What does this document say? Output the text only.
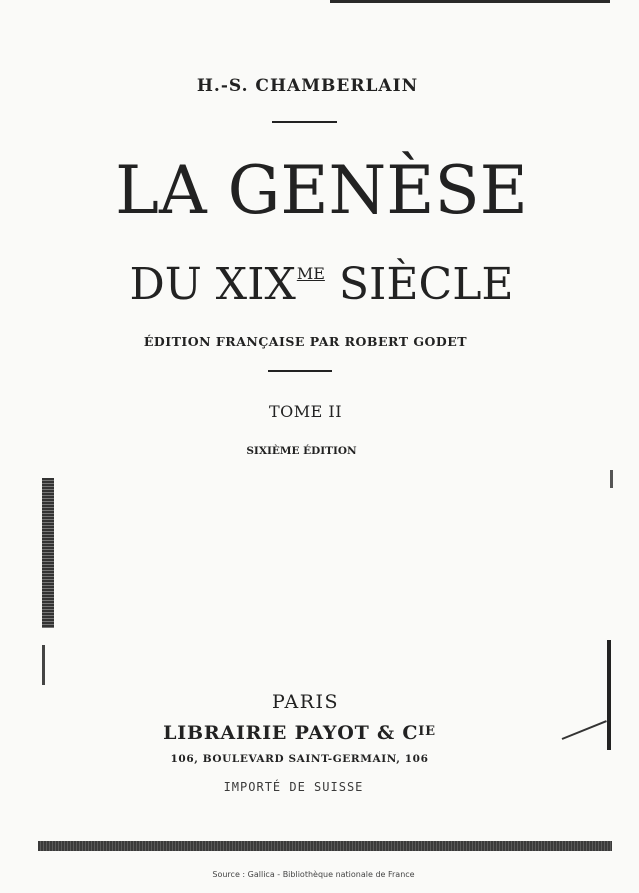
H.-S. CHAMBERLAIN
LA GENÈSE
DU $XIX^{ME}$ SIÈCLE
ÉDITION FRANÇAISE PAR ROBERT GODET
TOME II
SIXIÈME ÉDITION
PARIS
LIBRAIRIE PAYOT & $C^{IE}$
106, BOULEVARD SAINT-GERMAIN, 106
IMPORTÉ DE SUISSE
Source : Gallica - Bibliothèque nationale de France
